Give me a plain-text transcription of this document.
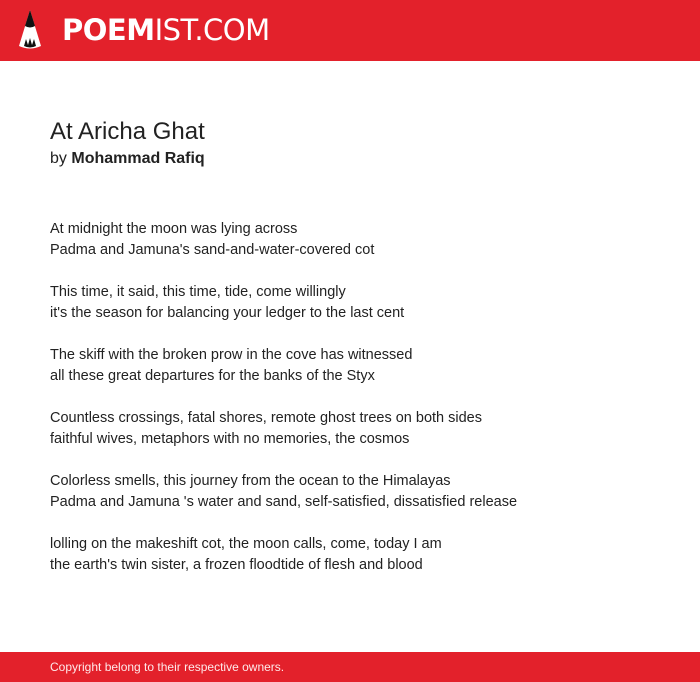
POEMIST.COM
At Aricha Ghat
by Mohammad Rafiq

At midnight the moon was lying across
Padma and Jamuna's sand-and-water-covered cot

This time, it said, this time, tide, come willingly
it's the season for balancing your ledger to the last cent

The skiff with the broken prow in the cove has witnessed
all these great departures for the banks of the Styx

Countless crossings, fatal shores, remote ghost trees on both sides
faithful wives, metaphors with no memories, the cosmos

Colorless smells, this journey from the ocean to the Himalayas
Padma and Jamuna 's water and sand, self-satisfied, dissatisfied release

lolling on the makeshift cot, the moon calls, come, today I am
the earth's twin sister, a frozen floodtide of flesh and blood

Copyright belong to their respective owners.
